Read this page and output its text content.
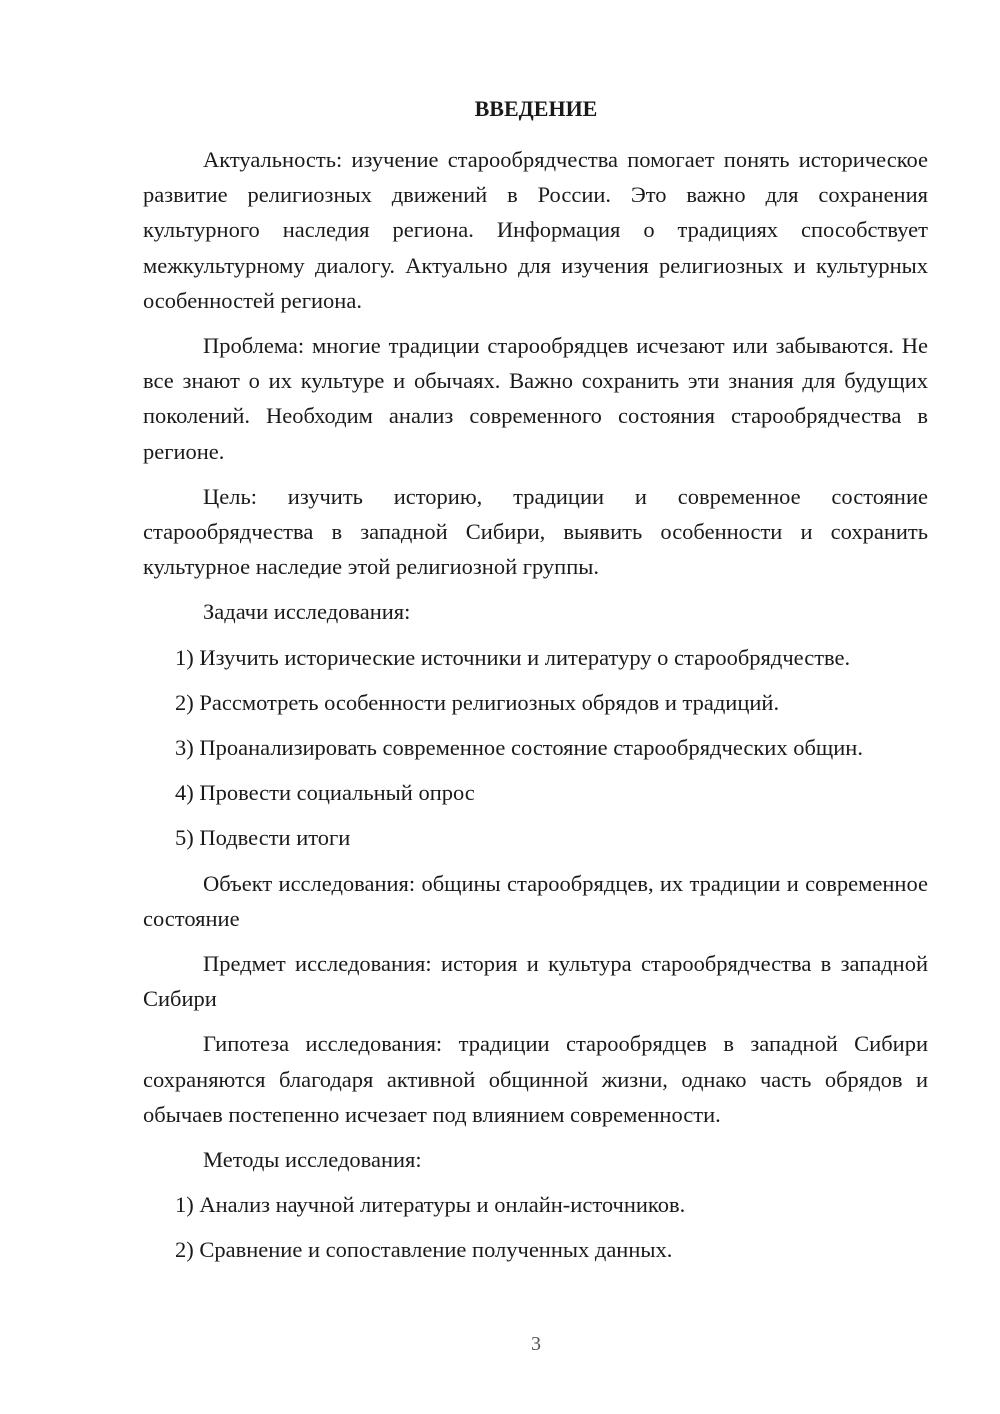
ВВЕДЕНИЕ

Актуальность: изучение старообрядчества помогает понять историческое развитие религиозных движений в России. Это важно для сохранения культурного наследия региона. Информация о традициях способствует межкультурному диалогу. Актуально для изучения религиозных и культурных особенностей региона.

Проблема: многие традиции старообрядцев исчезают или забываются. Не все знают о их культуре и обычаях. Важно сохранить эти знания для будущих поколений. Необходим анализ современного состояния старообрядчества в регионе.

Цель: изучить историю, традиции и современное состояние старообрядчества в западной Сибири, выявить особенности и сохранить культурное наследие этой религиозной группы.

Задачи исследования:

1) Изучить исторические источники и литературу о старообрядчестве.

2) Рассмотреть особенности религиозных обрядов и традиций.

3) Проанализировать современное состояние старообрядческих общин.

4) Провести социальный опрос

5) Подвести итоги

Объект исследования: общины старообрядцев, их традиции и современное состояние

Предмет исследования: история и культура старообрядчества в западной Сибири

Гипотеза исследования: традиции старообрядцев в западной Сибири сохраняются благодаря активной общинной жизни, однако часть обрядов и обычаев постепенно исчезает под влиянием современности.

Методы исследования:

1) Анализ научной литературы и онлайн-источников.

2) Сравнение и сопоставление полученных данных.

3
